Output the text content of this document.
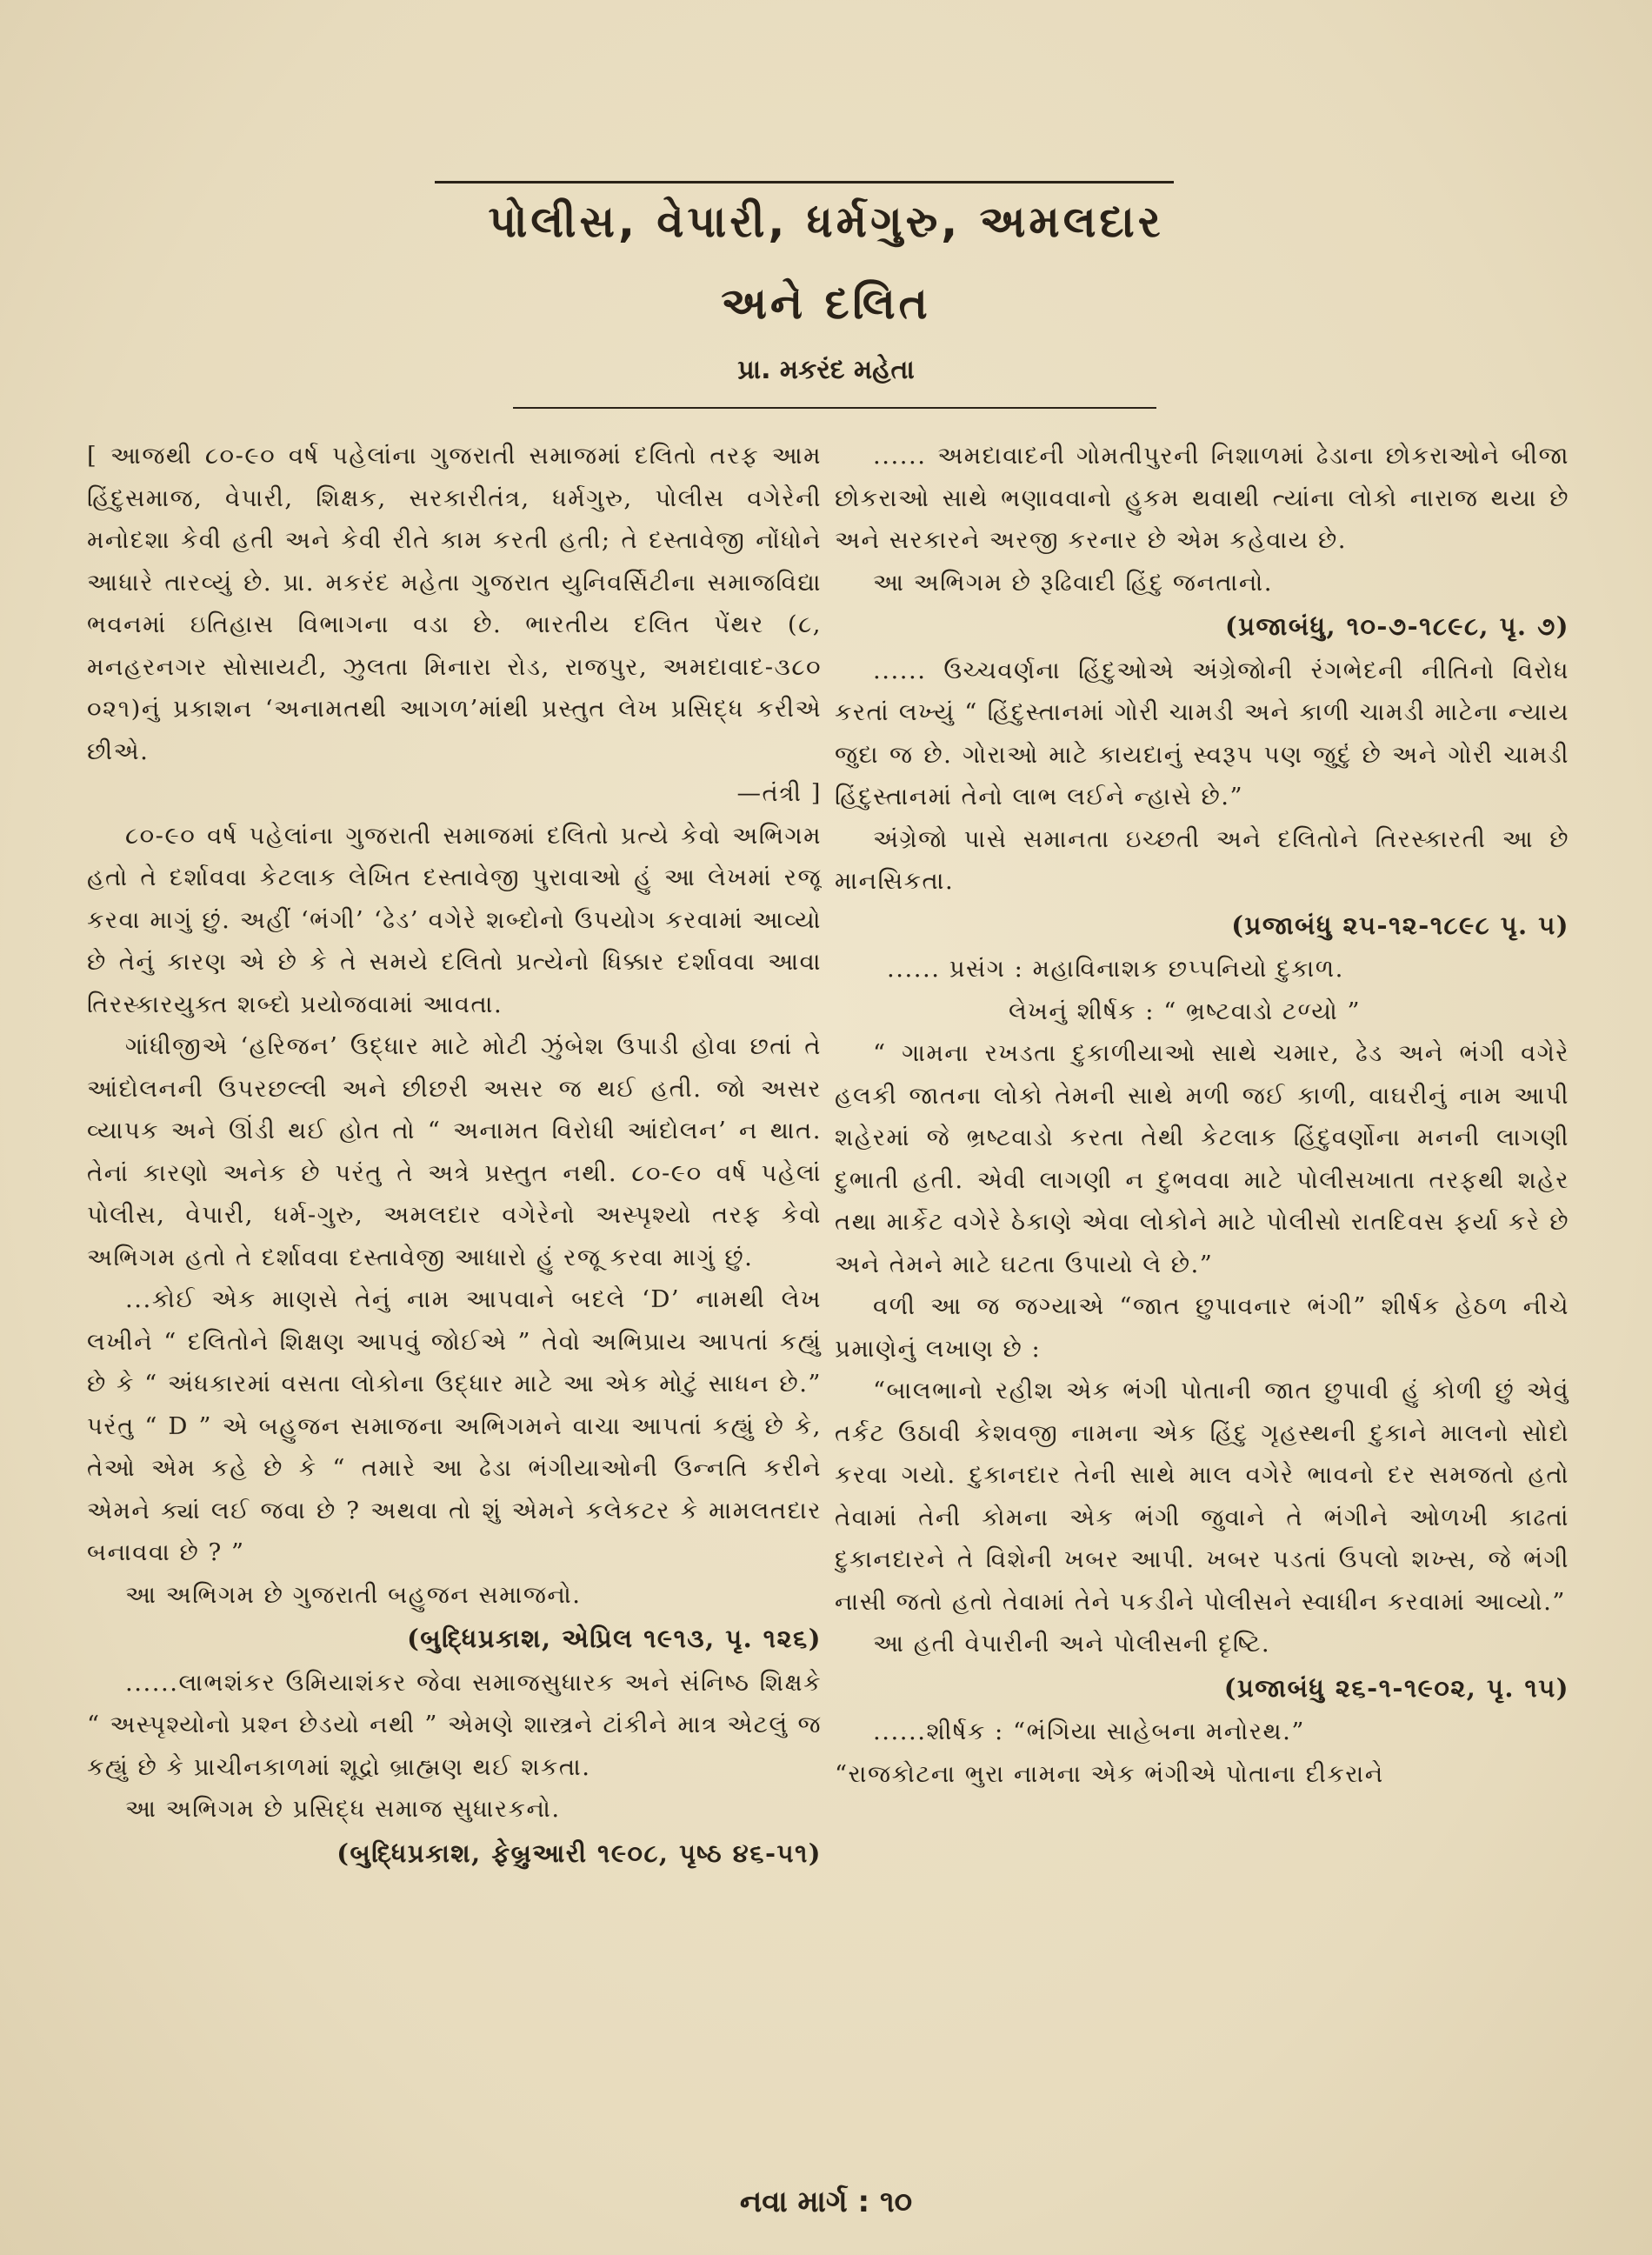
પોલીસ, વેપારી, ધર્મગુરુ, અમલદાર
અને દલિત
પ્રા. મકરંદ મહેતા

[ આજથી ૮૦-૯૦ વર્ષ પહેલાંના ગુજરાતી સમાજમાં દલિતો તરફ આમ હિંદુસમાજ, વેપારી, શિક્ષક, સરકારીતંત્ર, ધર્મગુરુ, પોલીસ વગેરેની મનોદશા કેવી હતી અને કેવી રીતે કામ કરતી હતી; તે દસ્તાવેજી નોંધોને આધારે તારવ્યું છે. પ્રા. મકરંદ મહેતા ગુજરાત યુનિવર્સિટીના સમાજવિદ્યા ભવનમાં ઇતિહાસ વિભાગના વડા છે. ભારતીય દલિત પેંથર (૮, મનહરનગર સોસાયટી, ઝુલતા મિનારા રોડ, રાજપુર, અમદાવાદ-૩૮૦ ૦૨૧)નું પ્રકાશન ‘અનામતથી આગળ’માંથી પ્રસ્તુત લેખ પ્રસિદ્ધ કરીએ છીએ.

—તંત્રી ]

૮૦-૯૦ વર્ષ પહેલાંના ગુજરાતી સમાજમાં દલિતો પ્રત્યે કેવો અભિગમ હતો તે દર્શાવવા કેટલાક લેખિત દસ્તાવેજી પુરાવાઓ હું આ લેખમાં રજૂ કરવા માગું છું. અહીં ‘ભંગી’ ‘ઢેડ’ વગેરે શબ્દોનો ઉપયોગ કરવામાં આવ્યો છે તેનું કારણ એ છે કે તે સમયે દલિતો પ્રત્યેનો ધિક્કાર દર્શાવવા આવા તિરસ્કારયુક્ત શબ્દો પ્રયોજવામાં આવતા.

ગાંધીજીએ ‘હરિજન’ ઉદ્ધાર માટે મોટી ઝુંબેશ ઉપાડી હોવા છતાં તે આંદોલનની ઉપરછલ્લી અને છીછરી અસર જ થઈ હતી. જો અસર વ્યાપક અને ઊંડી થઈ હોત તો “ અનામત વિરોધી આંદોલન’ ન થાત. તેનાં કારણો અનેક છે પરંતુ તે અત્રે પ્રસ્તુત નથી. ૮૦-૯૦ વર્ષ પહેલાં પોલીસ, વેપારી, ધર્મ-ગુરુ, અમલદાર વગેરેનો અસ્પૃશ્યો તરફ કેવો અભિગમ હતો તે દર્શાવવા દસ્તાવેજી આધારો હું રજૂ કરવા માગું છું.

...કોઈ એક માણસે તેનું નામ આપવાને બદલે ‘D’ નામથી લેખ લખીને “ દલિતોને શિક્ષણ આપવું જોઈએ ” તેવો અભિપ્રાય આપતાં કહ્યું છે કે “ અંધકારમાં વસતા લોકોના ઉદ્ધાર માટે આ એક મોટું સાધન છે.” પરંતુ “ D ” એ બહુજન સમાજના અભિગમને વાચા આપતાં કહ્યું છે કે, તેઓ એમ કહે છે કે “ તમારે આ ઢેડા ભંગીયાઓની ઉન્નતિ કરીને એમને ક્યાં લઈ જવા છે ? અથવા તો શું એમને કલેકટર કે મામલતદાર બનાવવા છે ? ”

આ અભિગમ છે ગુજરાતી બહુજન સમાજનો.

(બુદ્ધિપ્રકાશ, એપ્રિલ ૧૯૧૩, પૃ. ૧૨૬)

......લાભશંકર ઉમિયાશંકર જેવા સમાજસુધારક અને સંનિષ્ઠ શિક્ષકે “ અસ્પૃશ્યોનો પ્રશ્ન છેડયો નથી ” એમણે શાસ્ત્રને ટાંકીને માત્ર એટલું જ કહ્યું છે કે પ્રાચીનકાળમાં શૂદ્રો બ્રાહ્મણ થઈ શકતા.

આ અભિગમ છે પ્રસિદ્ધ સમાજ સુધારકનો.

(બુદ્ધિપ્રકાશ, ફેબ્રુઆરી ૧૯૦૮, પૃષ્ઠ ૪૬-૫૧)

...... અમદાવાદની ગોમતીપુરની નિશાળમાં ઢેડાના છોકરાઓને બીજા છોકરાઓ સાથે ભણાવવાનો હુકમ થવાથી ત્યાંના લોકો નારાજ થયા છે અને સરકારને અરજી કરનાર છે એમ કહેવાય છે.

આ અભિગમ છે રૂઢિવાદી હિંદુ જનતાનો.

(પ્રજાબંધુ, ૧૦-૭-૧૮૯૮, પૃ. ૭)

...... ઉચ્ચવર્ણના હિંદુઓએ અંગ્રેજોની રંગભેદની નીતિનો વિરોધ કરતાં લખ્યું “ હિંદુસ્તાનમાં ગોરી ચામડી અને કાળી ચામડી માટેના ન્યાય જુદા જ છે. ગોરાઓ માટે કાયદાનું સ્વરૂપ પણ જુદું છે અને ગોરી ચામડી હિંદુસ્તાનમાં તેનો લાભ લઈને ન્હાસે છે.”

અંગ્રેજો પાસે સમાનતા ઇચ્છતી અને દલિતોને તિરસ્કારતી આ છે માનસિકતા.

(પ્રજાબંધુ ૨૫-૧૨-૧૮૯૮ પૃ. ૫)

...... પ્રસંગ : મહાવિનાશક છપ્પનિયો દુકાળ.

લેખનું શીર્ષક : “ ભ્રષ્ટવાડો ટળ્યો ”

“ ગામના રખડતા દુકાળીયાઓ સાથે ચમાર, ઢેડ અને ભંગી વગેરે હલકી જાતના લોકો તેમની સાથે મળી જઈ કાળી, વાઘરીનું નામ આપી શહેરમાં જે ભ્રષ્ટવાડો કરતા તેથી કેટલાક હિંદુવર્ણોના મનની લાગણી દુભાતી હતી. એવી લાગણી ન દુભવવા માટે પોલીસખાતા તરફથી શહેર તથા માર્કેટ વગેરે ઠેકાણે એવા લોકોને માટે પોલીસો રાતદિવસ ફર્યા કરે છે અને તેમને માટે ઘટતા ઉપાયો લે છે.”

વળી આ જ જગ્યાએ “જાત છુપાવનાર ભંગી” શીર્ષક હેઠળ નીચે પ્રમાણેનું લખાણ છે :

“બાલભાનો રહીશ એક ભંગી પોતાની જાત છુપાવી હું કોળી છું એવું તર્કટ ઉઠાવી કેશવજી નામના એક હિંદુ ગૃહસ્થની દુકાને માલનો સોદો કરવા ગયો. દુકાનદાર તેની સાથે માલ વગેરે ભાવનો દર સમજતો હતો તેવામાં તેની કોમના એક ભંગી જુવાને તે ભંગીને ઓળખી કાઢતાં દુકાનદારને તે વિશેની ખબર આપી. ખબર પડતાં ઉપલો શખ્સ, જે ભંગી નાસી જતો હતો તેવામાં તેને પકડીને પોલીસને સ્વાધીન કરવામાં આવ્યો.”

આ હતી વેપારીની અને પોલીસની દૃષ્ટિ.

(પ્રજાબંધુ ૨૬-૧-૧૯૦૨, પૃ. ૧૫)

......શીર્ષક : “ભંગિયા સાહેબના મનોરથ.”

“રાજકોટના ભુરા નામના એક ભંગીએ પોતાના દીકરાને

નવા માર્ગ : ૧૦
